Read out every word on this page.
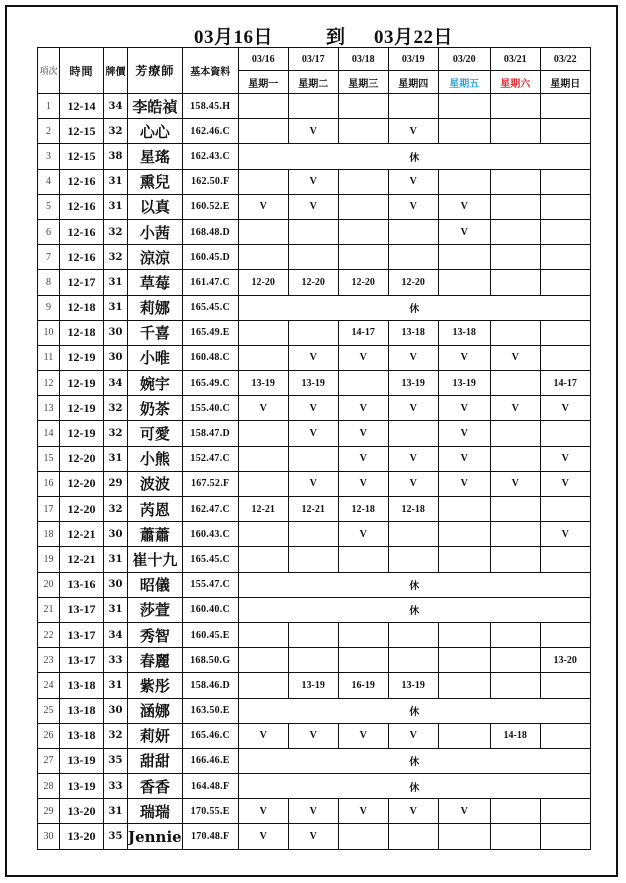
03月16日	到 03月22日
項次	時間	牌價	芳療師	基本資料	03/16	03/17	03/18	03/19	03/20	03/21	03/22
					星期一	星期二	星期三	星期四	星期五	星期六	星期日
1	12-14	34	李皓禎	158.45.H							
2	12-15	32	心心	162.46.C		V		V			
3	12-15	38	星瑤	162.43.C	休						
4	12-16	31	熏兒	162.50.F		V		V			
5	12-16	31	以真	160.52.E	V	V		V	V		
6	12-16	32	小茜	168.48.D					V		
7	12-16	32	涼涼	160.45.D							
8	12-17	31	草莓	161.47.C	12-20	12-20	12-20	12-20			
9	12-18	31	莉娜	165.45.C	休						
10	12-18	30	千喜	165.49.E			14-17	13-18	13-18		
11	12-19	30	小唯	160.48.C		V	V	V	V	V	
12	12-19	34	婉宇	165.49.C	13-19	13-19		13-19	13-19		14-17
13	12-19	32	奶茶	155.40.C	V	V	V	V	V	V	V
14	12-19	32	可愛	158.47.D		V	V		V		
15	12-20	31	小熊	152.47.C			V	V	V		V
16	12-20	29	波波	167.52.F		V	V	V	V	V	V
17	12-20	32	芮恩	162.47.C	12-21	12-21	12-18	12-18			
18	12-21	30	蕭蕭	160.43.C			V				V
19	12-21	31	崔十九	165.45.C							
20	13-16	30	昭儀	155.47.C	休						
21	13-17	31	莎萱	160.40.C	休						
22	13-17	34	秀智	160.45.E							
23	13-17	33	春麗	168.50.G							13-20
24	13-18	31	紫彤	158.46.D		13-19	16-19	13-19			
25	13-18	30	涵娜	163.50.E	休						
26	13-18	32	莉妍	165.46.C	V	V	V	V		14-18	
27	13-19	35	甜甜	166.46.E	休						
28	13-19	33	香香	164.48.F	休						
29	13-20	31	瑞瑞	170.55.E	V	V	V	V	V		
30	13-20	35	Jennie	170.48.F	V	V					
